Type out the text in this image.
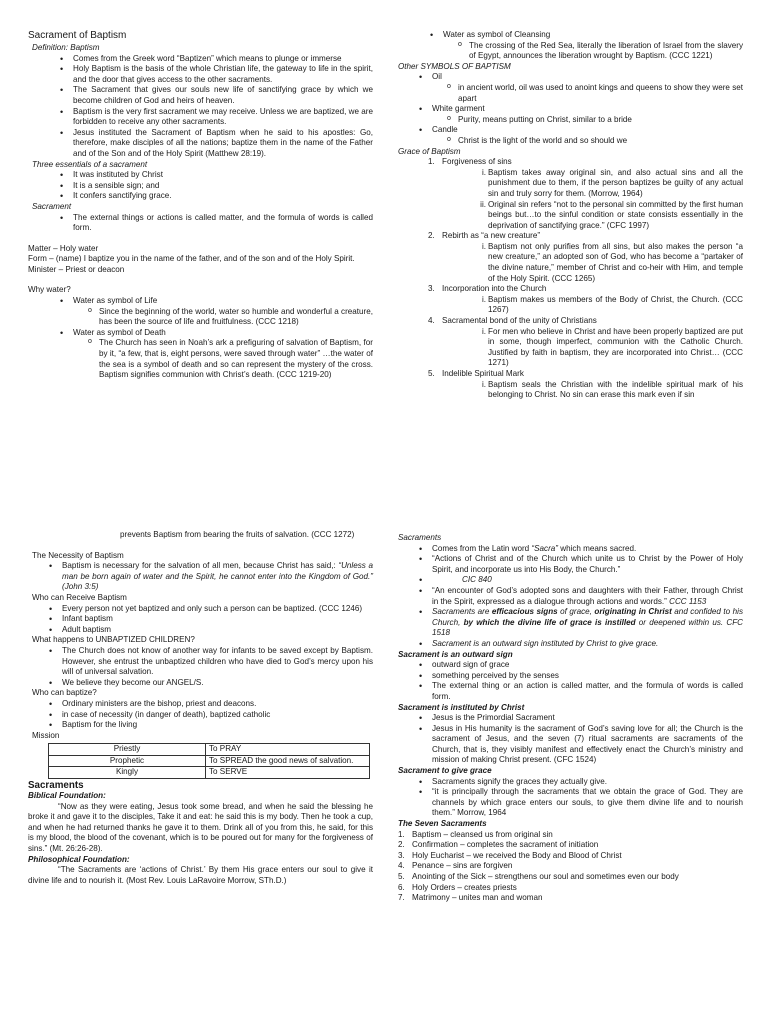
Sacrament of Baptism

Definition: Baptism

• Comes from the Greek word “Baptizen” which means to plunge or immerse
• Holy Baptism is the basis of the whole Christian life, the gateway to life in the spirit, and the door that gives access to the other sacraments.
• The Sacrament that gives our souls new life of sanctifying grace by which we become children of God and heirs of heaven.
• Baptism is the very first sacrament we may receive. Unless we are baptized, we are forbidden to receive any other sacraments.
• Jesus instituted the Sacrament of Baptism when he said to his apostles: Go, therefore, make disciples of all the nations; baptize them in the name of the Father and of the Son and of the Holy Spirit (Matthew 28:19).

Three essentials of a sacrament

• It was instituted by Christ
• It is a sensible sign; and
• It confers sanctifying grace.

Sacrament

• The external things or actions is called matter, and the formula of words is called form.

Matter – Holy water

Form – (name) I baptize you in the name of the father, and of the son and of the Holy Spirit.

Minister – Priest or deacon

Why water?

• Water as symbol of Life
o Since the beginning of the world, water so humble and wonderful a creature, has been the source of life and fruitfulness. (CCC 1218)
• Water as symbol of Death
o The Church has seen in Noah’s ark a prefiguring of salvation of Baptism, for by it, “a few, that is, eight persons, were saved through water” …the water of the sea is a symbol of death and so can represent the mystery of the cross. Baptism signifies communion with Christ’s death. (CCC 1219-20)
• Water as symbol of Cleansing
o The crossing of the Red Sea, literally the liberation of Israel from the slavery of Egypt, announces the liberation wrought by Baptism. (CCC 1221)

Other SYMBOLS OF BAPTISM

• Oil
o in ancient world, oil was used to anoint kings and queens to show they were set apart
• White garment
o Purity, means putting on Christ, similar to a bride
• Candle
o Christ is the light of the world and so should we

Grace of Baptism

1. Forgiveness of sins
i. Baptism takes away original sin, and also actual sins and all the punishment due to them, if the person baptizes be guilty of any actual sin and truly sorry for them. (Morrow, 1964)
ii. Original sin refers “not to the personal sin committed by the first human beings but…to the sinful condition or state consists essentially in the deprivation of sanctifying grace.” (CFC 1997)
2. Rebirth as “a new creature”
i. Baptism not only purifies from all sins, but also makes the person “a new creature,” an adopted son of God, who has become a “partaker of the divine nature,” member of Christ and co-heir with Him, and temple of the Holy Spirit. (CCC 1265)
3. Incorporation into the Church
i. Baptism makes us members of the Body of Christ, the Church. (CCC 1267)
4. Sacramental bond of the unity of Christians
i. For men who believe in Christ and have been properly baptized are put in some, though imperfect, communion with the Catholic Church. Justified by faith in baptism, they are incorporated into Christ… (CCC 1271)
5. Indelible Spiritual Mark
i. Baptism seals the Christian with the indelible spiritual mark of his belonging to Christ. No sin can erase this mark even if sin

prevents Baptism from bearing the fruits of salvation. (CCC 1272)

The Necessity of Baptism

• Baptism is necessary for the salvation of all men, because Christ has said,: “Unless a man be born again of water and the Spirit, he cannot enter into the Kingdom of God.” (John 3:5)

Who can Receive Baptism

• Every person not yet baptized and only such a person can be baptized. (CCC 1246)
• Infant baptism
• Adult baptism

What happens to UNBAPTIZED CHILDREN?

• The Church does not know of another way for infants to be saved except by Baptism. However, she entrust the unbaptized children who have died to God’s mercy upon his will of universal salvation.
• We believe they become our ANGEL/S.

Who can baptize?

• Ordinary ministers are the bishop, priest and deacons.
• in case of necessity (in danger of death), baptized catholic
• Baptism for the living

Mission

Priestly	To PRAY
Prophetic	To SPREAD the good news of salvation.
Kingly	To SERVE

Sacraments

Biblical Foundation:

“Now as they were eating, Jesus took some bread, and when he said the blessing he broke it and gave it to the disciples, Take it and eat: he said this is my body. Then he took a cup, and when he had returned thanks he gave it to them. Drink all of you from this, he said, for this is my blood, the blood of the covenant, which is to be poured out for many for the forgiveness of sins.” (Mt. 26:26-28).

Philosophical Foundation:

“The Sacraments are ‘actions of Christ.’ By them His grace enters our soul to give it divine life and to nourish it. (Most Rev. Louis LaRavoire Morrow, STh.D.)

Sacraments

• Comes from the Latin word “Sacra” which means sacred.
• “Actions of Christ and of the Church which unite us to Christ by the Power of Holy Spirit, and incorporate us into His Body, the Church.”
• CIC 840
• “An encounter of God’s adopted sons and daughters with their Father, through Christ in the Spirit, expressed as a dialogue through actions and words.” CCC 1153
• Sacraments are efficacious signs of grace, originating in Christ and confided to his Church, by which the divine life of grace is instilled or deepened within us. CFC 1518
• Sacrament is an outward sign instituted by Christ to give grace.

Sacrament is an outward sign

• outward sign of grace
• something perceived by the senses
• The external thing or an action is called matter, and the formula of words is called form.

Sacrament is instituted by Christ

• Jesus is the Primordial Sacrament
• Jesus in His humanity is the sacrament of God’s saving love for all; the Church is the sacrament of Jesus, and the seven (7) ritual sacraments are sacraments of the Church, that is, they visibly manifest and effectively enact the Church’s ministry and mission of making Christ present. (CFC 1524)

Sacrament to give grace

• Sacraments signify the graces they actually give.
• “it is principally through the sacraments that we obtain the grace of God. They are channels by which grace enters our souls, to give them divine life and to nourish them.” Morrow, 1964

The Seven Sacraments

1. Baptism – cleansed us from original sin
2. Confirmation – completes the sacrament of initiation
3. Holy Eucharist – we received the Body and Blood of Christ
4. Penance – sins are forgiven
5. Anointing of the Sick – strengthens our soul and sometimes even our body
6. Holy Orders – creates priests
7. Matrimony – unites man and woman
